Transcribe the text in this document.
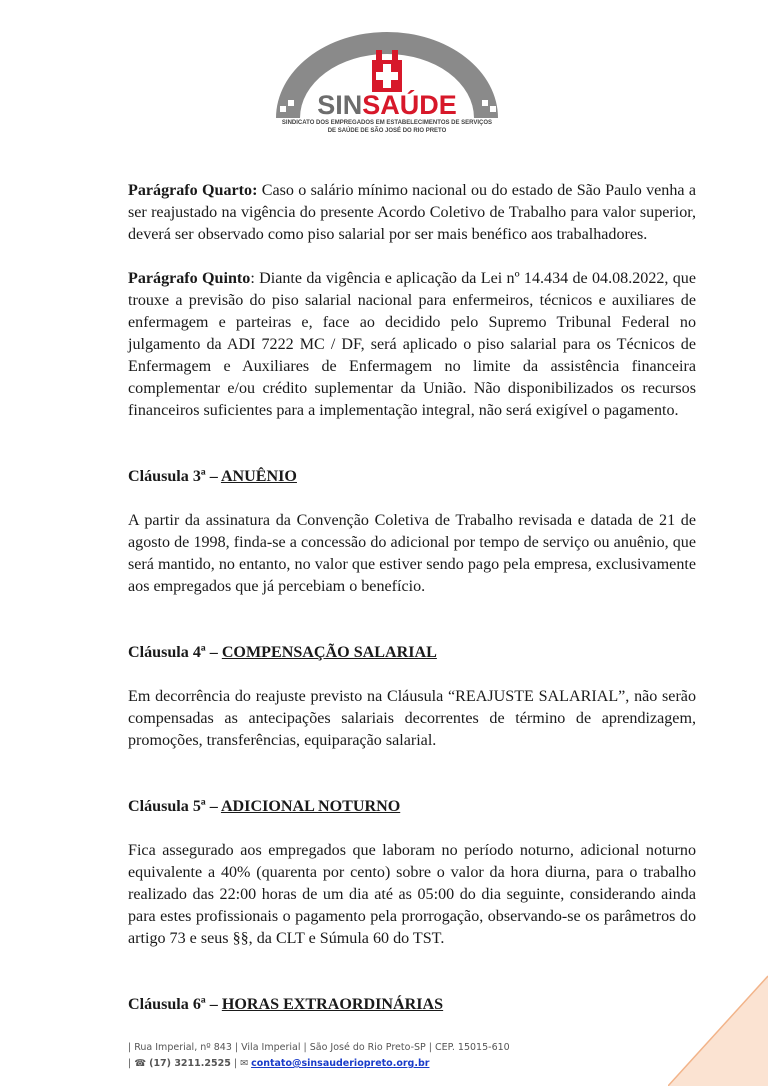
SINSAÚDE
SINDICATO DOS EMPREGADOS EM ESTABELECIMENTOS DE SERVIÇOS
DE SAÚDE DE SÃO JOSÉ DO RIO PRETO

Parágrafo Quarto: Caso o salário mínimo nacional ou do estado de São Paulo venha a ser reajustado na vigência do presente Acordo Coletivo de Trabalho para valor superior, deverá ser observado como piso salarial por ser mais benéfico aos trabalhadores.

Parágrafo Quinto: Diante da vigência e aplicação da Lei nº 14.434 de 04.08.2022, que trouxe a previsão do piso salarial nacional para enfermeiros, técnicos e auxiliares de enfermagem e parteiras e, face ao decidido pelo Supremo Tribunal Federal no julgamento da ADI 7222 MC / DF, será aplicado o piso salarial para os Técnicos de Enfermagem e Auxiliares de Enfermagem no limite da assistência financeira complementar e/ou crédito suplementar da União. Não disponibilizados os recursos financeiros suficientes para a implementação integral, não será exigível o pagamento.

Cláusula 3ª – ANUÊNIO

A partir da assinatura da Convenção Coletiva de Trabalho revisada e datada de 21 de agosto de 1998, finda-se a concessão do adicional por tempo de serviço ou anuênio, que será mantido, no entanto, no valor que estiver sendo pago pela empresa, exclusivamente aos empregados que já percebiam o benefício.

Cláusula 4ª – COMPENSAÇÃO SALARIAL

Em decorrência do reajuste previsto na Cláusula “REAJUSTE SALARIAL”, não serão compensadas as antecipações salariais decorrentes de término de aprendizagem, promoções, transferências, equiparação salarial.

Cláusula 5ª – ADICIONAL NOTURNO

Fica assegurado aos empregados que laboram no período noturno, adicional noturno equivalente a 40% (quarenta por cento) sobre o valor da hora diurna, para o trabalho realizado das 22:00 horas de um dia até as 05:00 do dia seguinte, considerando ainda para estes profissionais o pagamento pela prorrogação, observando-se os parâmetros do artigo 73 e seus §§, da CLT e Súmula 60 do TST.

Cláusula 6ª – HORAS EXTRAORDINÁRIAS
| Rua Imperial, nº 843 | Vila Imperial | São José do Rio Preto-SP | CEP. 15015-610
| ☎ (17) 3211.2525 | ✉ contato@sinsauderiopreto.org.br
